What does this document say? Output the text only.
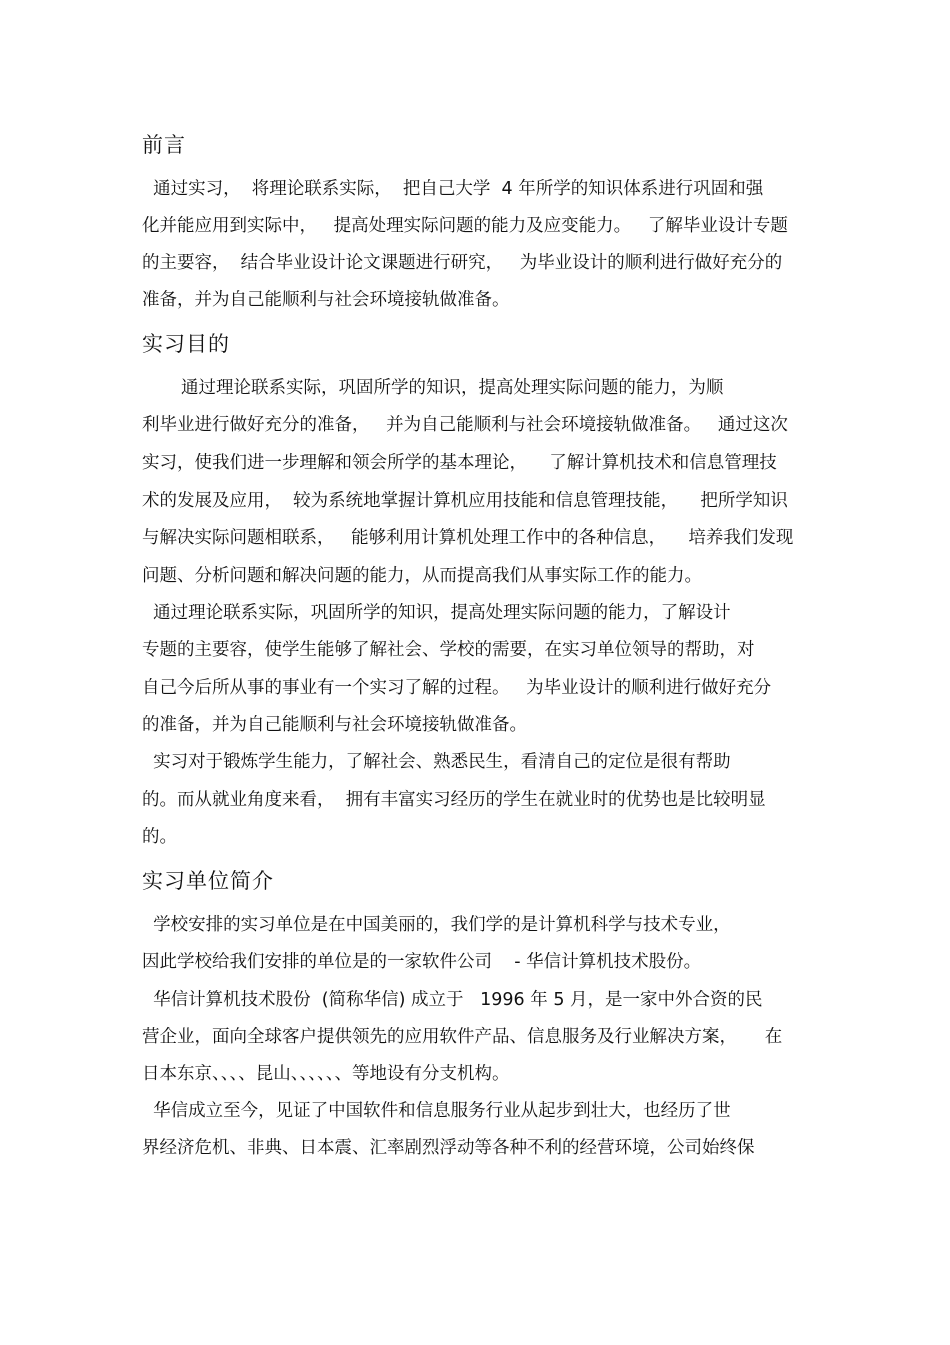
前言

通过实习，  将理论联系实际，  把自己大学  4 年所学的知识体系进行巩固和强

化并能应用到实际中，   提高处理实际问题的能力及应变能力。   了解毕业设计专题

的主要容，  结合毕业设计论文课题进行研究，   为毕业设计的顺利进行做好充分的

准备，并为自己能顺利与社会环境接轨做准备。

实习目的

通过理论联系实际，巩固所学的知识，提高处理实际问题的能力，为顺

利毕业进行做好充分的准备，   并为自己能顺利与社会环境接轨做准备。   通过这次

实习，使我们进一步理解和领会所学的基本理论，    了解计算机技术和信息管理技

术的发展及应用，  较为系统地掌握计算机应用技能和信息管理技能，    把所学知识

与解决实际问题相联系，   能够利用计算机处理工作中的各种信息，    培养我们发现

问题、分析问题和解决问题的能力，从而提高我们从事实际工作的能力。

通过理论联系实际，巩固所学的知识，提高处理实际问题的能力，了解设计

专题的主要容，使学生能够了解社会、学校的需要，在实习单位领导的帮助，对

自己今后所从事的事业有一个实习了解的过程。   为毕业设计的顺利进行做好充分

的准备，并为自己能顺利与社会环境接轨做准备。

实习对于锻炼学生能力，了解社会、熟悉民生，看清自己的定位是很有帮助

的。而从就业角度来看，  拥有丰富实习经历的学生在就业时的优势也是比较明显

的。

实习单位简介

学校安排的实习单位是在中国美丽的，我们学的是计算机科学与技术专业，

因此学校给我们安排的单位是的一家软件公司    - 华信计算机技术股份。

华信计算机技术股份  (简称华信) 成立于   1996 年 5 月，是一家中外合资的民

营企业，面向全球客户提供领先的应用软件产品、信息服务及行业解决方案，     在

日本东京、、、、昆山、、、、、、等地设有分支机构。

华信成立至今，见证了中国软件和信息服务行业从起步到壮大，也经历了世

界经济危机、非典、日本震、汇率剧烈浮动等各种不利的经营环境，公司始终保
